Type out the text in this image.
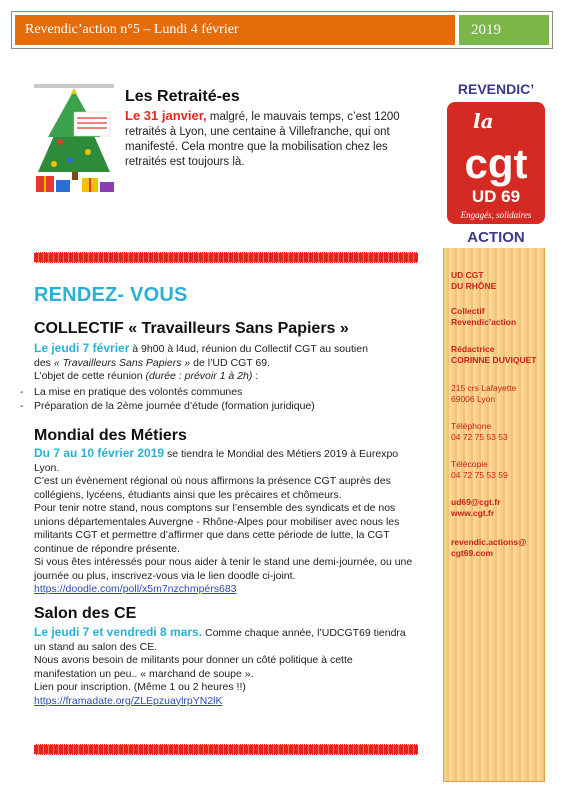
Revendic’action n°5 – Lundi 4 février	2019
Les Retraité-es
Le 31 janvier, malgré, le mauvais temps, c’est 1200 retraités à Lyon, une centaine à Villefranche, qui ont manifesté. Cela montre que la mobilisation chez les retraités est toujours là.
REVENDIC’
la
cgt
UD 69
Engagés, solidaires
ACTION
UD CGT
DU RHÔNE
Collectif
Revendic’action
Rédactrice
CORINNE DUVIQUET
215 crs Lafayette
69006 Lyon
Téléphone
04 72 75 53 53
Télécopie
04 72 75 53 59
ud69@cgt.fr
www.cgt.fr
revendic.actions@
cgt69.com
RENDEZ- VOUS
COLLECTIF « Travailleurs Sans Papiers »
Le jeudi 7 février à 9h00 à l4ud, réunion du Collectif CGT au soutien
des « Travailleurs Sans Papiers » de l’UD CGT 69.
L’objet de cette réunion (durée : prévoir 1 à 2h) :
- La mise en pratique des volontés communes
- Préparation de la 2ème journée d’étude (formation juridique)
Mondial des Métiers
Du 7 au 10 février 2019 se tiendra le Mondial des Métiers 2019 à Eurexpo Lyon.
C’est un évènement régional où nous affirmons la présence CGT auprès des collégiens, lycéens, étudiants ainsi que les précaires et chômeurs.
Pour tenir notre stand, nous comptons sur l’ensemble des syndicats et de nos unions départementales Auvergne - Rhône-Alpes pour mobiliser avec nous les militants CGT et permettre d’affirmer que dans cette période de lutte, la CGT continue de répondre présente.
Si vous êtes intéressés pour nous aider à tenir le stand une demi-journée, ou une journée ou plus, inscrivez-vous via le lien doodle ci-joint.
https://doodle.com/poll/x5m7nzchmpérs683
Salon des CE
Le jeudi 7 et vendredi 8 mars. Comme chaque année, l’UDCGT69 tiendra un stand au salon des CE.
Nous avons besoin de militants pour donner un côté politique à cette manifestation un peu.. « marchand de soupe ».
Lien pour inscription. (Même 1 ou 2 heures !!)
https://framadate.org/ZLEpzuaylrpYN2lK
